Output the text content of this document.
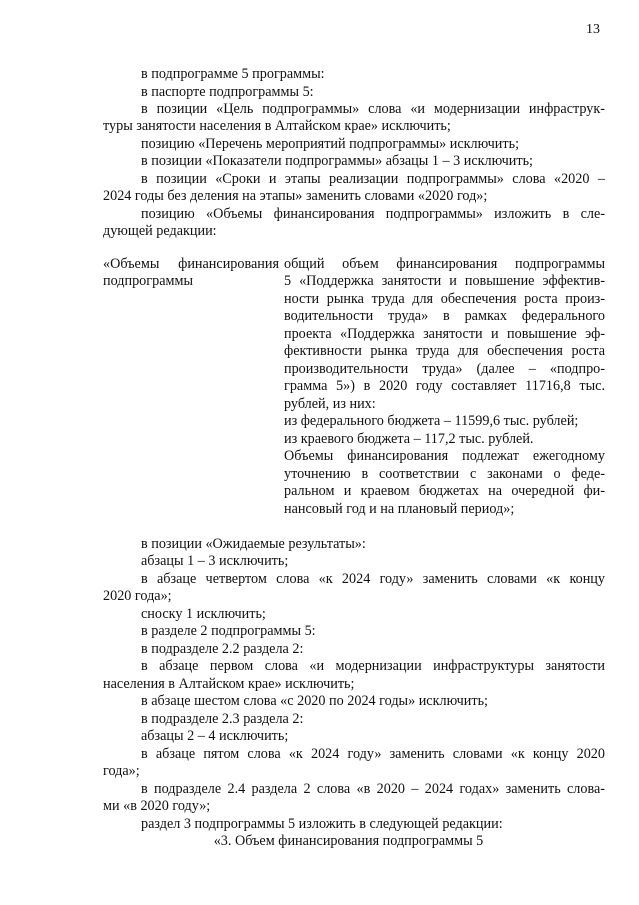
13
в подпрограмме 5 программы:
в паспорте подпрограммы 5:
в позиции «Цель подпрограммы» слова «и модернизации инфраструк-
туры занятости населения в Алтайском крае» исключить;
позицию «Перечень мероприятий подпрограммы» исключить;
в позиции «Показатели подпрограммы» абзацы 1 – 3 исключить;
в позиции «Сроки и этапы реализации подпрограммы» слова «2020 –
2024 годы без деления на этапы» заменить словами «2020 год»;
позицию «Объемы финансирования подпрограммы» изложить в сле-
дующей редакции:
«Объемы финансирования
подпрограммы
общий объем финансирования подпрограммы
5 «Поддержка занятости и повышение эффектив-
ности рынка труда для обеспечения роста произ-
водительности труда» в рамках федерального
проекта «Поддержка занятости и повышение эф-
фективности рынка труда для обеспечения роста
производительности труда» (далее – «подпро-
грамма 5») в 2020 году составляет 11716,8 тыс.
рублей, из них:
из федерального бюджета – 11599,6 тыс. рублей;
из краевого бюджета – 117,2 тыс. рублей.
Объемы финансирования подлежат ежегодному
уточнению в соответствии с законами о феде-
ральном и краевом бюджетах на очередной фи-
нансовый год и на плановый период»;
в позиции «Ожидаемые результаты»:
абзацы 1 – 3 исключить;
в абзаце четвертом слова «к 2024 году» заменить словами «к концу
2020 года»;
сноску 1 исключить;
в разделе 2 подпрограммы 5:
в подразделе 2.2 раздела 2:
в абзаце первом слова «и модернизации инфраструктуры занятости
населения в Алтайском крае» исключить;
в абзаце шестом слова «с 2020 по 2024 годы» исключить;
в подразделе 2.3 раздела 2:
абзацы 2 – 4 исключить;
в абзаце пятом слова «к 2024 году» заменить словами «к концу 2020
года»;
в подразделе 2.4 раздела 2 слова «в 2020 – 2024 годах» заменить слова-
ми «в 2020 году»;
раздел 3 подпрограммы 5 изложить в следующей редакции:
«3. Объем финансирования подпрограммы 5
